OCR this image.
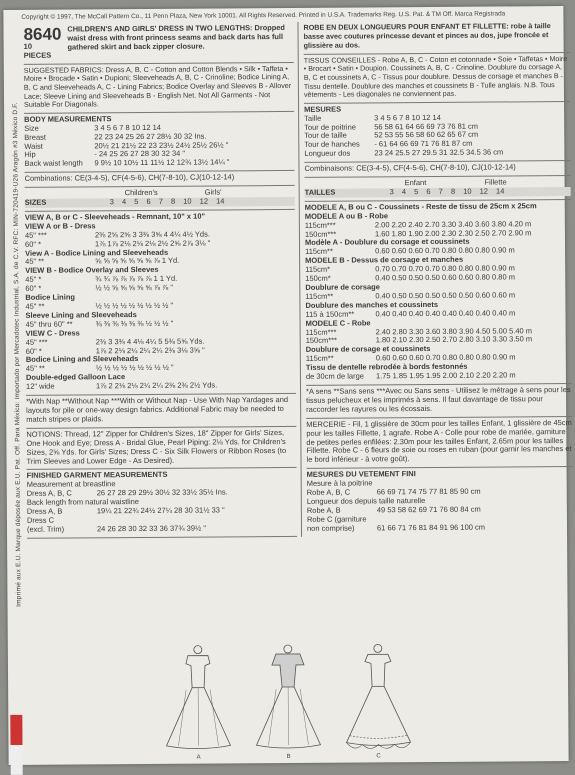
Imprimé aux E.U. Marque déposée aux E.U. Pat. Off. Para México: Importado por Mercadotec Industrial, S.A. de C.V. RFC: MIN-720419-U26 Aragón #3 México D.F.
Copyright © 1997, The McCall Pattern Co., 11 Penn Plaza, New York 10001. All Rights Reserved. Printed in U.S.A. Trademarks Reg. U.S. Pat. & TM Off. Marca Registrada
8640
10 PIECES
CHILDREN'S AND GIRLS' DRESS IN TWO LENGTHS: Dropped waist dress with front princess seams and back darts has full gathered skirt and back zipper closure.
SUGGESTED FABRICS: Dress A, B, C - Cotton and Cotton Blends • Silk • Taffeta • Moire • Brocade • Satin • Dupioni; Sleeveheads A, B, C - Crinoline; Bodice Lining A, B, C and Sleeveheads A, C - Lining Fabrics; Bodice Overlay and Sleeves B - Allover Lace; Sleeve Lining and Sleeveheads B - English Net. Not All Garments - Not Suitable For Diagonals.
BODY MEASUREMENTS
Size	3 4 5 6 7 8 10 12 14
Breast	22 23 24 25 26 27 28½ 30 32 Ins.
Waist	20½ 21 21½ 22 23 23½ 24½ 25½ 26½ "
Hip	- 24 25 26 27 28 30 32 34 "
Back waist length	9 9½ 10 10½ 11 11½ 12 12¾ 13½ 14¼ "
Combinations: CE(3-4-5), CF(4-5-6), CH(7-8-10), CJ(10-12-14)
Children's	Girls'
SIZES	3 4 5 6 7 8 10 12 14
VIEW A, B or C - Sleeveheads - Remnant, 10" x 10"
VIEW A or B - Dress
45" ***	2⅜ 2⅝ 2⅝ 3 3⅜ 3⅝ 4 4¼ 4½ Yds.
60" *	1⅞ 1⅞ 2⅛ 2⅛ 2⅛ 2½ 2⅝ 2⅞ 3⅛ "
View A - Bodice Lining and Sleeveheads
45" **	⅝ ⅝ ⅝ ⅝ ⅝ ⅝ ⅝ ⅞ 1 Yd.
VIEW B - Bodice Overlay and Sleeves
45" *	¾ ¾ ⅞ ⅞ ⅞ ⅞ ⅞ 1 1 Yd.
60" *	½ ½ ⅝ ⅝ ⅝ ⅝ ⅝ ⅞ ⅞ "
Bodice Lining
45" **	½ ½ ½ ½ ½ ½ ½ ½ ½ "
Sleeve Lining and Sleeveheads
45" thru 60" **	⅜ ⅜ ⅜ ⅜ ⅜ ⅜ ½ ½ ½ "
VIEW C - Dress
45" ***	2⅜ 3 3⅜ 4 4⅛ 4¼ 5 5⅜ 5⅝ Yds.
60" *	1⅞ 2 2⅛ 2¼ 2¼ 2¼ 2⅜ 3⅛ 3⅝ "
Bodice Lining and Sleeveheads
45" **	½ ½ ½ ½ ½ ½ ½ ½ ½ "
Double-edged Galloon Lace
12" wide	1⅞ 2 2⅛ 2⅛ 2¼ 2¼ 2⅜ 2⅜ 2½ Yds.
*With Nap **Without Nap ***With or Without Nap - Use With Nap Yardages and layouts for pile or one-way design fabrics. Additional Fabric may be needed to match stripes or plaids.
NOTIONS: Thread, 12" Zipper for Children's Sizes, 18" Zipper for Girls' Sizes, One Hook and Eye; Dress A - Bridal Glue, Pearl Piping: 2⅛ Yds. for Children's Sizes, 2⅝ Yds. for Girls' Sizes; Dress C - Six Silk Flowers or Ribbon Roses (to Trim Sleeves and Lower Edge - As Desired).
FINISHED GARMENT MEASUREMENTS
Measurement at breastline
Dress A, B, C	26 27 28 29 29½ 30½ 32 33½ 35½ Ins.
Back length from natural waistline
Dress A, B	19¼ 21 22¾ 24½ 27¼ 28 30 31½ 33 "
Dress C
(excl. Trim)	24 26 28 30 32 33 36 37¾ 39½ "
ROBE EN DEUX LONGUEURS POUR ENFANT ET FILLETTE: robe à taille basse avec coutures princesse devant et pinces au dos, jupe froncée et glissière au dos.
TISSUS CONSEILLES - Robe A, B, C - Coton et cotonnade • Soie • Taffetas • Moire • Brocart • Satin • Doupion. Coussinets A, B, C - Crinoline. Doublure du corsage A, B, C et coussinets A, C - Tissus pour doublure. Dessus de corsage et manches B - Tissu dentelle. Doublure des manches et coussinets B - Tulle anglais. N.B. Tous vêtements - Les diagonales ne conviennent pas.
MESURES
Taille	3 4 5 6 7 8 10 12 14
Tour de poitrine	56 58 61 64 66 69 73 76 81 cm
Tour de taille	52 53 55 56 58 60 62 65 67 cm
Tour de hanches	- 61 64 66 69 71 76 81 87 cm
Longueur dos	23 24 25.5 27 29.5 31 32.5 34.5 36 cm
Combinaisons: CE(3-4-5), CF(4-5-6), CH(7-8-10), CJ(10-12-14)
Enfant	Fillette
TAILLES	3 4 5 6 7 8 10 12 14
MODELE A, B ou C - Coussinets - Reste de tissu de 25cm x 25cm
MODELE A ou B - Robe
115cm***	2.00 2.20 2.40 2.70 3.30 3.40 3.60 3.80 4.20 m
150cm***	1.60 1.80 1.90 2.00 2.30 2.30 2.50 2.70 2.90 m
Modèle A - Doublure du corsage et coussinets
115cm**	0.60 0.60 0.60 0.70 0.80 0.80 0.80 0.90 m
MODELE B - Dessus de corsage et manches
115cm*	0.70 0.70 0.70 0.70 0.80 0.80 0.80 0.90 m
150cm*	0.40 0.50 0.50 0.50 0.60 0.60 0.80 0.80 m
Doublure de corsage
115cm**	0.40 0.50 0.50 0.50 0.50 0.50 0.60 0.60 m
Doublure des manches et coussinets
115 à 150cm**	0.40 0.40 0.40 0.40 0.40 0.40 0.40 0.40 m
MODELE C - Robe
115cm***	2.40 2.80 3.30 3.60 3.80 3.90 4.50 5.00 5.40 m
150cm***	1.80 2.10 2.30 2.50 2.70 2.80 3.10 3.30 3.50 m
Doublure de corsage et coussinets
115cm**	0.60 0.60 0.60 0.70 0.80 0.80 0.80 0.90 m
Tissu de dentelle rebrodée à bords festonnés
de 30cm de large	1.75 1.85 1.95 1.95 2.00 2.10 2.20 2.20 m
*A sens **Sans sens ***Avec ou Sans sens - Utilisez le métrage à sens pour les tissus pelucheux et les imprimés à sens. Il faut davantage de tissu pour raccorder les rayures ou les écossais.
MERCERIE - Fil, 1 glissière de 30cm pour les tailles Enfant, 1 glissière de 45cm pour les tailles Fillette, 1 agrafe. Robe A - Colle pour robe de mariée, garniture de petites perles enfilées: 2.30m pour les tailles Enfant, 2.65m pour les tailles Fillette. Robe C - 6 fleurs de soie ou roses en ruban (pour garnir les manches et le bord inférieur - à votre goût).
MESURES DU VETEMENT FINI
Mesure à la poitrine
Robe A, B, C	66 69 71 74 75 77 81 85 90 cm
Longueur dos depuis taille naturelle
Robe A, B	49 53 58 62 69 71 76 80 84 cm
Robe C (garniture
non comprise)	61 66 71 76 81 84 91 96 100 cm
A	B	C
